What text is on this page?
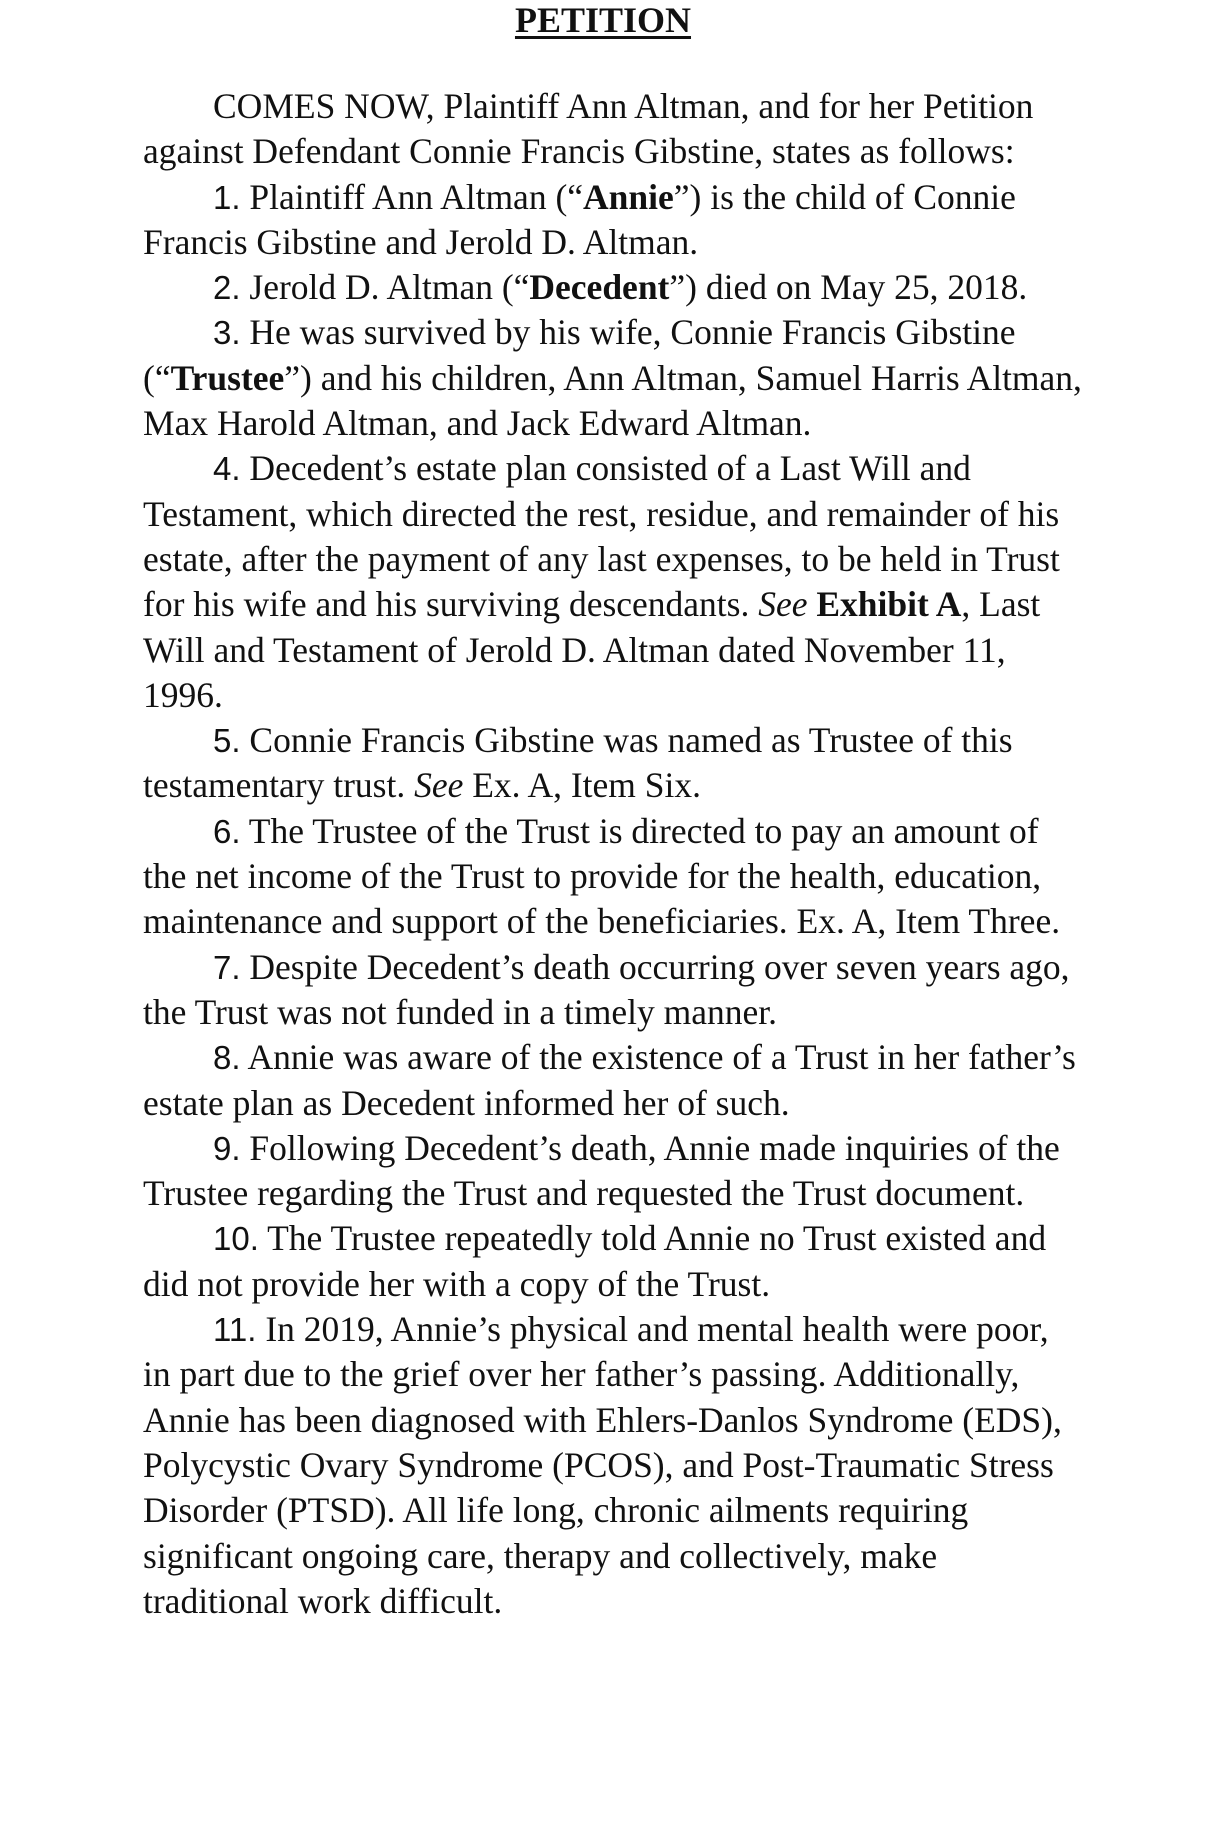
PETITION

COMES NOW, Plaintiff Ann Altman, and for her Petition against Defendant Connie Francis Gibstine, states as follows:

1. Plaintiff Ann Altman (“Annie”) is the child of Connie Francis Gibstine and Jerold D. Altman.

2. Jerold D. Altman (“Decedent”) died on May 25, 2018.

3. He was survived by his wife, Connie Francis Gibstine (“Trustee”) and his children, Ann Altman, Samuel Harris Altman, Max Harold Altman, and Jack Edward Altman.

4. Decedent’s estate plan consisted of a Last Will and Testament, which directed the rest, residue, and remainder of his estate, after the payment of any last expenses, to be held in Trust for his wife and his surviving descendants. See Exhibit A, Last Will and Testament of Jerold D. Altman dated November 11, 1996.

5. Connie Francis Gibstine was named as Trustee of this testamentary trust. See Ex. A, Item Six.

6. The Trustee of the Trust is directed to pay an amount of the net income of the Trust to provide for the health, education, maintenance and support of the beneficiaries. Ex. A, Item Three.

7. Despite Decedent’s death occurring over seven years ago, the Trust was not funded in a timely manner.

8. Annie was aware of the existence of a Trust in her father’s estate plan as Decedent informed her of such.

9. Following Decedent’s death, Annie made inquiries of the Trustee regarding the Trust and requested the Trust document.

10. The Trustee repeatedly told Annie no Trust existed and did not provide her with a copy of the Trust.

11. In 2019, Annie’s physical and mental health were poor, in part due to the grief over her father’s passing. Additionally, Annie has been diagnosed with Ehlers-Danlos Syndrome (EDS), Polycystic Ovary Syndrome (PCOS), and Post-Traumatic Stress Disorder (PTSD). All life long, chronic ailments requiring significant ongoing care, therapy and collectively, make traditional work difficult.
